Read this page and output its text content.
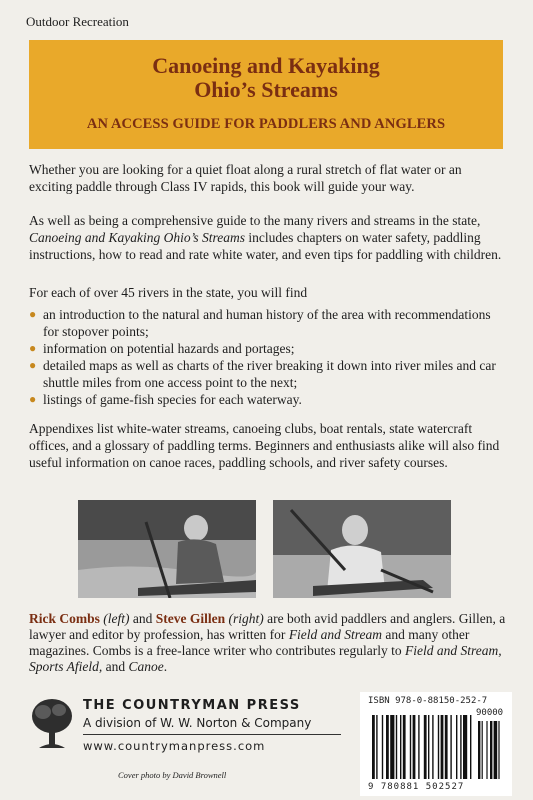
Outdoor Recreation
Canoeing and Kayaking
Ohio’s Streams
AN ACCESS GUIDE FOR PADDLERS AND ANGLERS
Whether you are looking for a quiet float along a rural stretch of flat water or an exciting paddle through Class IV rapids, this book will guide your way.
As well as being a comprehensive guide to the many rivers and streams in the state, Canoeing and Kayaking Ohio’s Streams includes chapters on water safety, paddling instructions, how to read and rate white water, and even tips for paddling with children.
For each of over 45 rivers in the state, you will find
● an introduction to the natural and human history of the area with recommendations for stopover points;
● information on potential hazards and portages;
● detailed maps as well as charts of the river breaking it down into river miles and car shuttle miles from one access point to the next;
● listings of game-fish species for each waterway.
Appendixes list white-water streams, canoeing clubs, boat rentals, state watercraft offices, and a glossary of paddling terms. Beginners and enthusiasts alike will also find useful information on canoe races, paddling schools, and river safety courses.
Rick Combs (left) and Steve Gillen (right) are both avid paddlers and anglers. Gillen, a lawyer and editor by profession, has written for Field and Stream and many other magazines. Combs is a free-lance writer who contributes regularly to Field and Stream, Sports Afield, and Canoe.
THE COUNTRYMAN PRESS
A division of W. W. Norton & Company
www.countrymanpress.com
Cover photo by David Brownell
ISBN 978-0-88150-252-7
90000
9 780881 502527
